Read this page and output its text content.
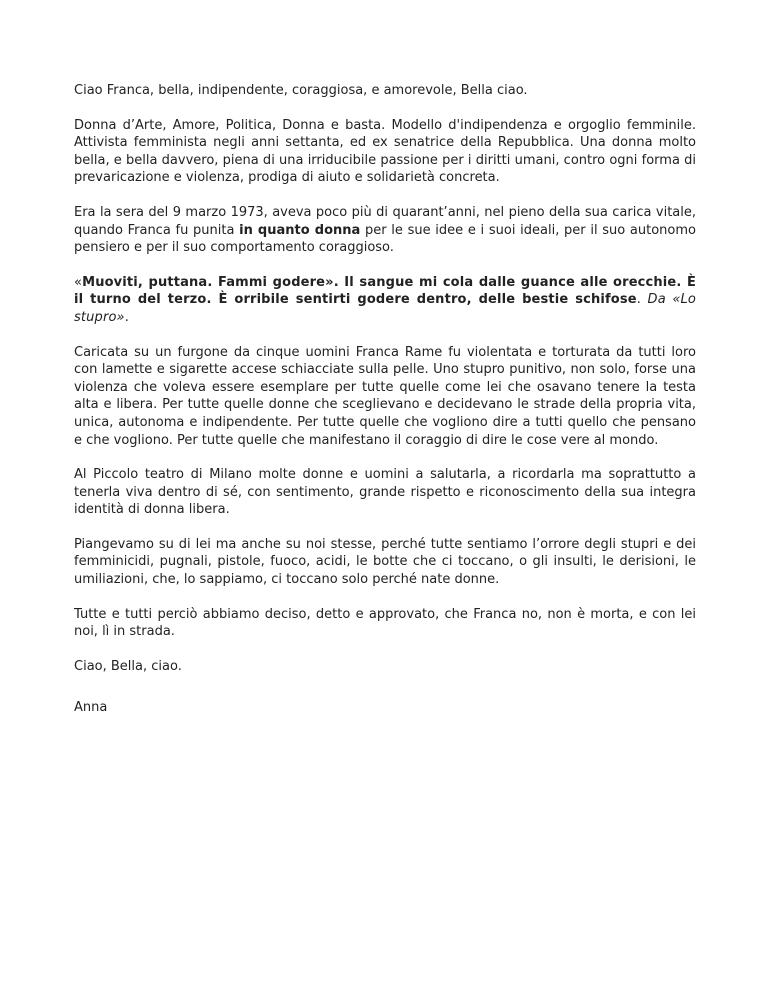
Ciao Franca, bella, indipendente, coraggiosa, e amorevole, Bella ciao.

Donna d’Arte, Amore, Politica, Donna e basta. Modello d'indipendenza e orgoglio femminile. Attivista femminista negli anni settanta, ed ex senatrice della Repubblica. Una donna molto bella, e bella davvero, piena di una irriducibile passione per i diritti umani, contro ogni forma di prevaricazione e violenza, prodiga di aiuto e solidarietà concreta.

Era la sera del 9 marzo 1973, aveva poco più di quarant’anni, nel pieno della sua carica vitale, quando Franca fu punita in quanto donna per le sue idee e i suoi ideali, per il suo autonomo pensiero e per il suo comportamento coraggioso.

«Muoviti, puttana. Fammi godere». Il sangue mi cola dalle guance alle orecchie. È il turno del terzo. È orribile sentirti godere dentro, delle bestie schifose. Da «Lo stupro».

Caricata su un furgone da cinque uomini Franca Rame fu violentata e torturata da tutti loro con lamette e sigarette accese schiacciate sulla pelle. Uno stupro punitivo, non solo, forse una violenza che voleva essere esemplare per tutte quelle come lei che osavano tenere la testa alta e libera. Per tutte quelle donne che sceglievano e decidevano le strade della propria vita, unica, autonoma e indipendente. Per tutte quelle che vogliono dire a tutti quello che pensano e che vogliono. Per tutte quelle che manifestano il coraggio di dire le cose vere al mondo.

Al Piccolo teatro di Milano molte donne e uomini a salutarla, a ricordarla ma soprattutto a tenerla viva dentro di sé, con sentimento, grande rispetto e riconoscimento della sua integra identità di donna libera.

Piangevamo su di lei ma anche su noi stesse, perché tutte sentiamo l’orrore degli stupri e dei femminicidi, pugnali, pistole, fuoco, acidi, le botte che ci toccano, o gli insulti, le derisioni, le umiliazioni, che, lo sappiamo, ci toccano solo perché nate donne.

Tutte e tutti perciò abbiamo deciso, detto e approvato, che Franca no, non è morta, e con lei noi, lì in strada.

Ciao, Bella, ciao.

Anna
